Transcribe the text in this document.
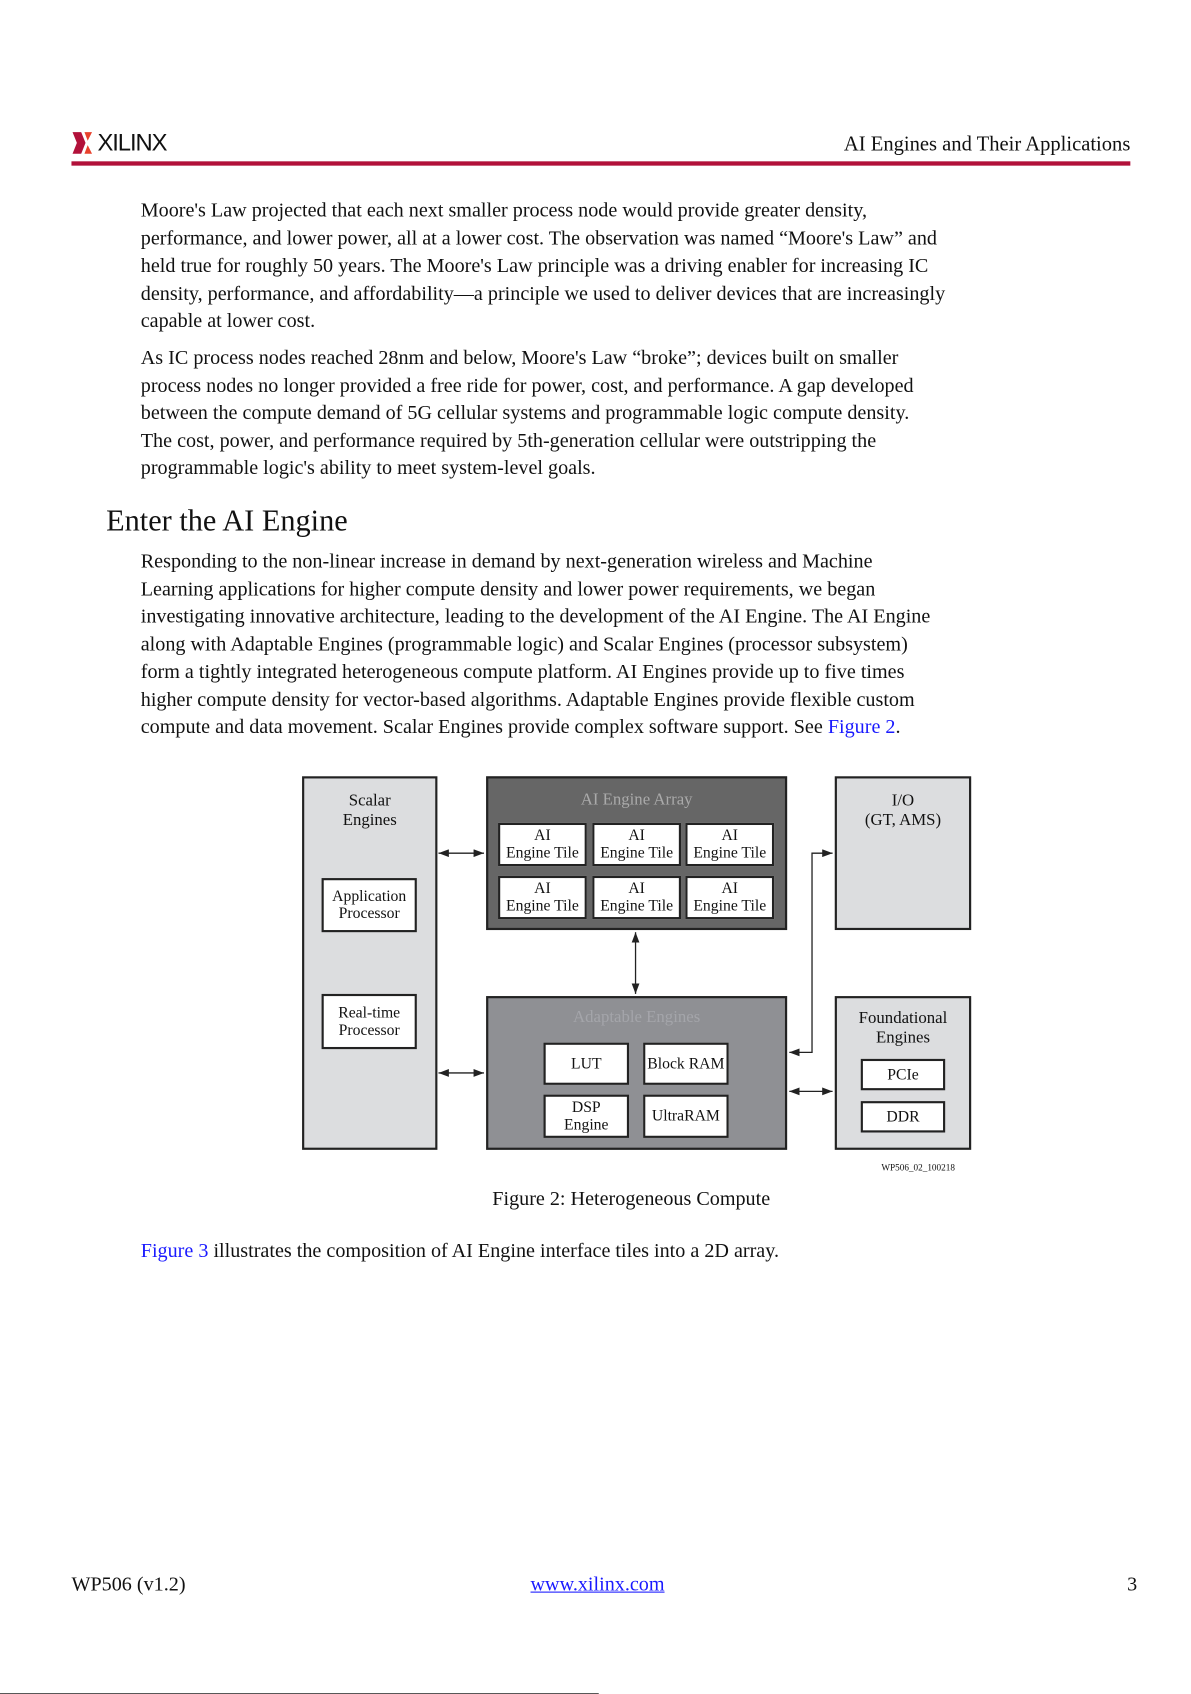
XILINX	AI Engines and Their Applications
Moore's Law projected that each next smaller process node would provide greater density,
performance, and lower power, all at a lower cost. The observation was named “Moore's Law” and
held true for roughly 50 years. The Moore's Law principle was a driving enabler for increasing IC
density, performance, and affordability—a principle we used to deliver devices that are increasingly
capable at lower cost.
As IC process nodes reached 28nm and below, Moore's Law “broke”; devices built on smaller
process nodes no longer provided a free ride for power, cost, and performance. A gap developed
between the compute demand of 5G cellular systems and programmable logic compute density.
The cost, power, and performance required by 5th-generation cellular were outstripping the
programmable logic's ability to meet system-level goals.
Enter the AI Engine
Responding to the non-linear increase in demand by next-generation wireless and Machine
Learning applications for higher compute density and lower power requirements, we began
investigating innovative architecture, leading to the development of the AI Engine. The AI Engine
along with Adaptable Engines (programmable logic) and Scalar Engines (processor subsystem)
form a tightly integrated heterogeneous compute platform. AI Engines provide up to five times
higher compute density for vector-based algorithms. Adaptable Engines provide flexible custom
compute and data movement. Scalar Engines provide complex software support. See Figure 2.
Scalar
Engines
Application
Processor
Real-time
Processor
AI Engine Array
AI
Engine Tile
AI
Engine Tile
AI
Engine Tile
AI
Engine Tile
AI
Engine Tile
AI
Engine Tile
I/O
(GT, AMS)
Adaptable Engines
LUT	Block RAM
DSP
Engine	UltraRAM
Foundational
Engines
PCIe
DDR
WP506_02_100218
Figure 2: Heterogeneous Compute
Figure 3 illustrates the composition of AI Engine interface tiles into a 2D array.
WP506 (v1.2)	www.xilinx.com	3
